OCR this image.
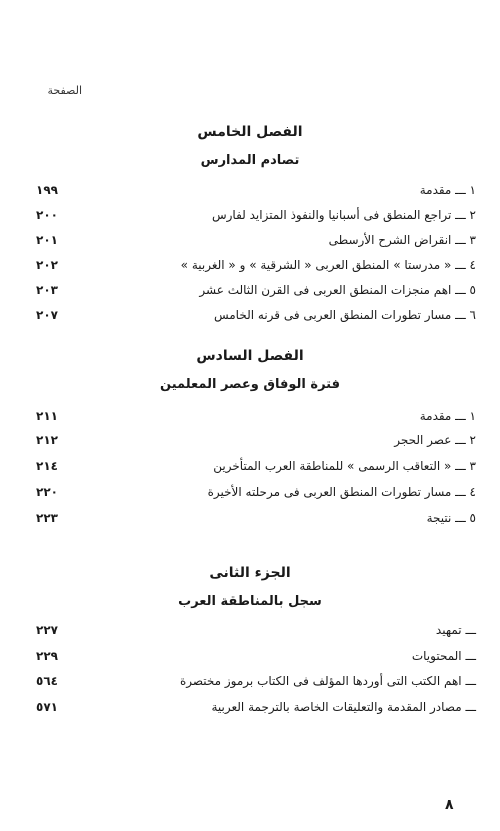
الصفحة
الفصل الخامس
تصادم المدارس
١ ـــ مقدمة
١٩٩
٢ ـــ تراجع المنطق فى أسبانيا والنفوذ المتزايد لفارس
٢٠٠
٣ ـــ انقراض الشرح الأرسطى
٢٠١
٤ ـــ « مدرستا » المنطق العربى « الشرقية » و « الغربية »
٢٠٢
٥ ـــ اهم منجزات المنطق العربى فى القرن الثالث عشر
٢٠٣
٦ ـــ مسار تطورات المنطق العربى فى قرنه الخامس
٢٠٧
الفصل السادس
فترة الوفاق وعصر المعلمين
١ ـــ مقدمة
٢١١
٢ ـــ عصر الحجر
٢١٢
٣ ـــ « التعاقب الرسمى » للمناطقة العرب المتأخرين
٢١٤
٤ ـــ مسار تطورات المنطق العربى فى مرحلته الأخيرة
٢٢٠
٥ ـــ نتيجة
٢٢٣
الجزء الثانى
سجل بالمناطقة العرب
ـــ تمهيد
٢٢٧
ـــ المحتويات
٢٢٩
ـــ اهم الكتب التى أوردها المؤلف فى الكتاب برموز مختصرة
٥٦٤
ـــ مصادر المقدمة والتعليقات الخاصة بالترجمة العربية
٥٧١
٨
